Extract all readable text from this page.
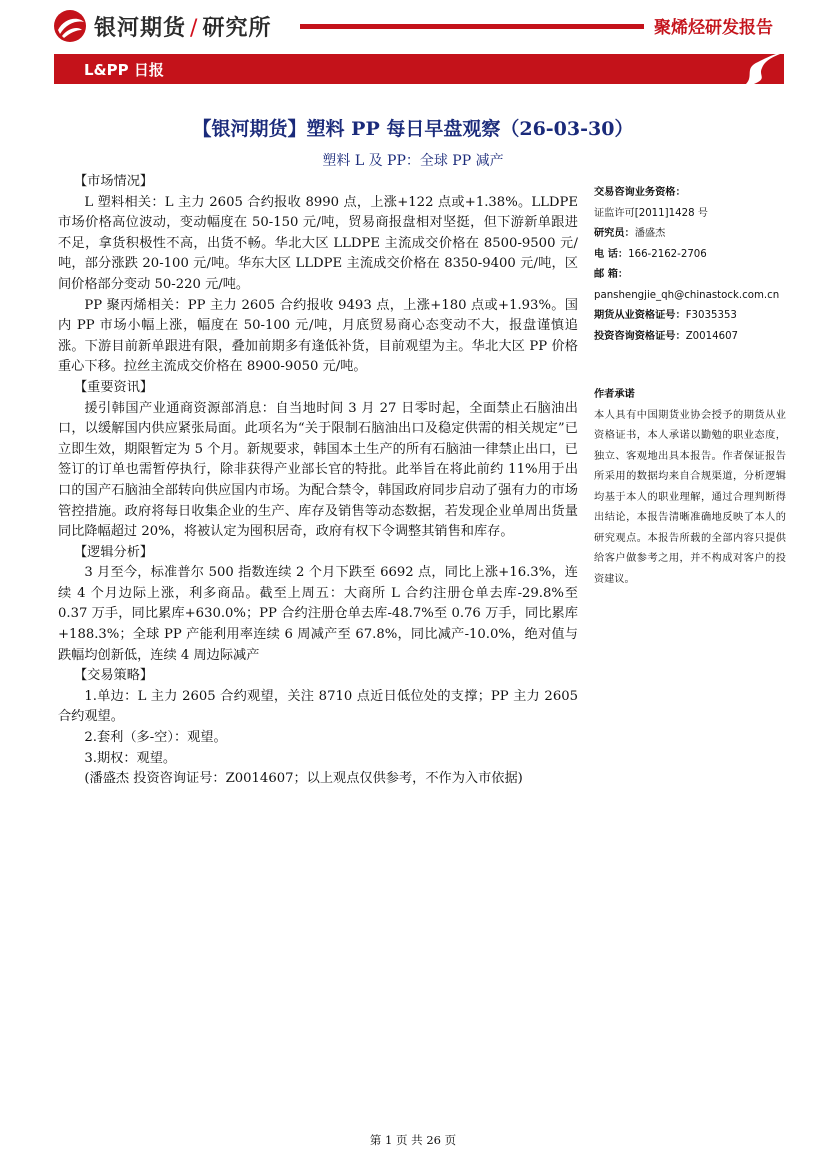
银河期货 / 研究所	聚烯烃研发报告
L&PP 日报
【银河期货】塑料 PP 每日早盘观察（26-03-30）
塑料 L 及 PP：全球 PP 减产

【市场情况】

L 塑料相关：L 主力 2605 合约报收 8990 点，上涨+122 点或+1.38%。LLDPE 市场价格高位波动，变动幅度在 50-150 元/吨，贸易商报盘相对坚挺，但下游新单跟进不足，拿货积极性不高，出货不畅。华北大区 LLDPE 主流成交价格在 8500-9500 元/吨，部分涨跌 20-100 元/吨。华东大区 LLDPE 主流成交价格在 8350-9400 元/吨，区间价格部分变动 50-220 元/吨。

PP 聚丙烯相关：PP 主力 2605 合约报收 9493 点，上涨+180 点或+1.93%。国内 PP 市场小幅上涨，幅度在 50-100 元/吨，月底贸易商心态变动不大，报盘谨慎追涨。下游目前新单跟进有限，叠加前期多有逢低补货，目前观望为主。华北大区 PP 价格重心下移。拉丝主流成交价格在 8900-9050 元/吨。

【重要资讯】

援引韩国产业通商资源部消息：自当地时间 3 月 27 日零时起，全面禁止石脑油出口，以缓解国内供应紧张局面。此项名为“关于限制石脑油出口及稳定供需的相关规定”已立即生效，期限暂定为 5 个月。新规要求，韩国本土生产的所有石脑油一律禁止出口，已签订的订单也需暂停执行，除非获得产业部长官的特批。此举旨在将此前约 11%用于出口的国产石脑油全部转向供应国内市场。为配合禁令，韩国政府同步启动了强有力的市场管控措施。政府将每日收集企业的生产、库存及销售等动态数据，若发现企业单周出货量同比降幅超过 20%，将被认定为囤积居奇，政府有权下令调整其销售和库存。

【逻辑分析】

3 月至今，标准普尔 500 指数连续 2 个月下跌至 6692 点，同比上涨+16.3%，连续 4 个月边际上涨，利多商品。截至上周五：大商所 L 合约注册仓单去库-29.8%至 0.37 万手，同比累库+630.0%；PP 合约注册仓单去库-48.7%至 0.76 万手，同比累库+188.3%；全球 PP 产能利用率连续 6 周减产至 67.8%，同比减产-10.0%，绝对值与跌幅均创新低，连续 4 周边际减产

【交易策略】

1.单边：L 主力 2605 合约观望，关注 8710 点近日低位处的支撑；PP 主力 2605 合约观望。

2.套利（多-空）：观望。

3.期权：观望。

(潘盛杰 投资咨询证号：Z0014607；以上观点仅供参考，不作为入市依据)

交易咨询业务资格：
证监许可[2011]1428 号
研究员：潘盛杰
电 话：166-2162-2706
邮 箱：
panshengjie_qh@chinastock.com.cn
期货从业资格证号：F3035353
投资咨询资格证号：Z0014607
作者承诺
本人具有中国期货业协会授予的期货从业资格证书，本人承诺以勤勉的职业态度，独立、客观地出具本报告。作者保证报告所采用的数据均来自合规渠道，分析逻辑均基于本人的职业理解，通过合理判断得出结论，本报告清晰准确地反映了本人的研究观点。本报告所载的全部内容只提供给客户做参考之用，并不构成对客户的投资建议。
第 1 页 共 26 页
